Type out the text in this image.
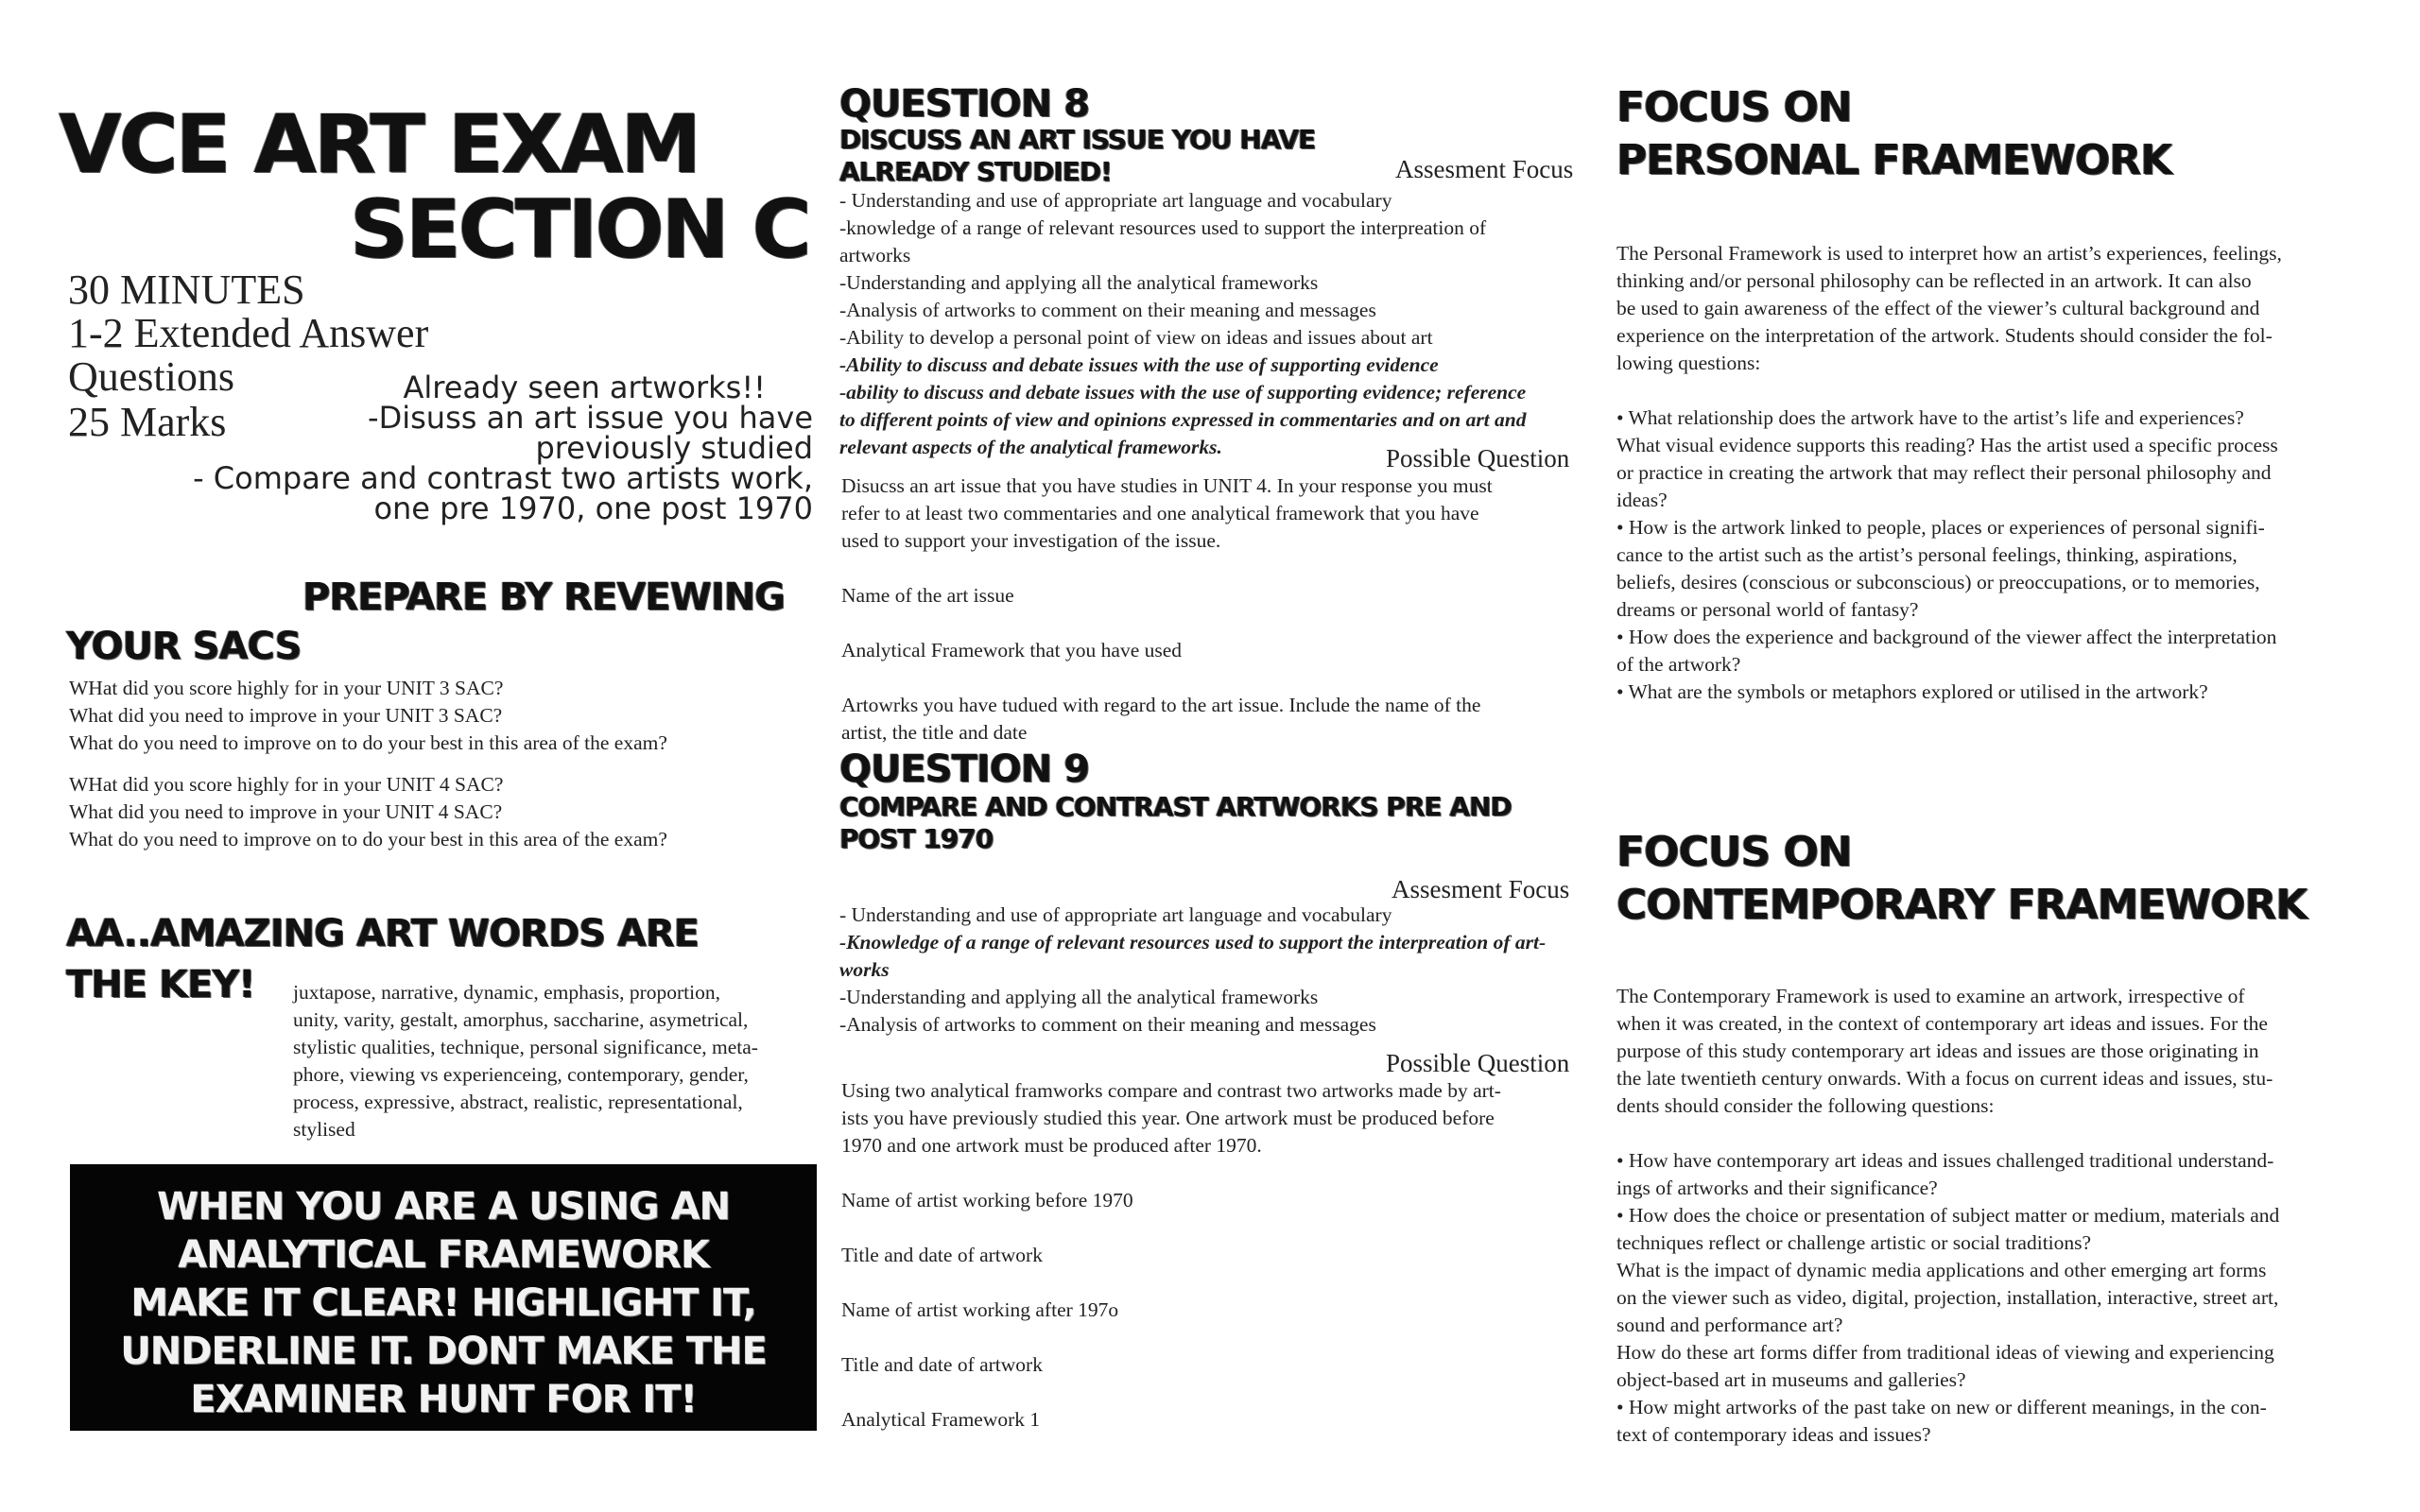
VCE ART EXAM
SECTION C
30 MINUTES
1-2 Extended Answer
Questions
25 Marks
Already seen artworks!!
-Disuss an art issue you have
previously studied
- Compare and contrast two artists work,
one pre 1970, one post 1970
PREPARE BY REVEWING
YOUR SACS
WHat did you score highly for in your UNIT 3 SAC?
What did you need to improve in your UNIT 3 SAC?
What do you need to improve on to do your best in this area of the exam?
WHat did you score highly for in your UNIT 4 SAC?
What did you need to improve in your UNIT 4 SAC?
What do you need to improve on to do your best in this area of the exam?
AA..AMAZING ART WORDS ARE
THE KEY! juxtapose, narrative, dynamic, emphasis, proportion,
unity, varity, gestalt, amorphus, saccharine, asymetrical,
stylistic qualities, technique, personal significance, meta-
phore, viewing vs experienceing, contemporary, gender,
process, expressive, abstract, realistic, representational,
stylised
WHEN YOU ARE A USING AN
ANALYTICAL FRAMEWORK
MAKE IT CLEAR! HIGHLIGHT IT,
UNDERLINE IT. DONT MAKE THE
EXAMINER HUNT FOR IT!
QUESTION 8
DISCUSS AN ART ISSUE YOU HAVE
ALREADY STUDIED!	Assesment Focus
- Understanding and use of appropriate art language and vocabulary
-knowledge of a range of relevant resources used to support the interpreation of
artworks
-Understanding and applying all the analytical frameworks
-Analysis of artworks to comment on their meaning and messages
-Ability to develop a personal point of view on ideas and issues about art
-Ability to discuss and debate issues with the use of supporting evidence
-ability to discuss and debate issues with the use of supporting evidence; reference
to different points of view and opinions expressed in commentaries and on art and
relevant aspects of the analytical frameworks.	Possible Question
Disucss an art issue that you have studies in UNIT 4. In your response you must
refer to at least two commentaries and one analytical framework that you have
used to support your investigation of the issue.
Name of the art issue
Analytical Framework that you have used
Artowrks you have tudued with regard to the art issue. Include the name of the
artist, the title and date
QUESTION 9
COMPARE AND CONTRAST ARTWORKS PRE AND
POST 1970
Assesment Focus
- Understanding and use of appropriate art language and vocabulary
-Knowledge of a range of relevant resources used to support the interpreation of art-
works
-Understanding and applying all the analytical frameworks
-Analysis of artworks to comment on their meaning and messages
Possible Question
Using two analytical framworks compare and contrast two artworks made by art-
ists you have previously studied this year. One artwork must be produced before
1970 and one artwork must be produced after 1970.
Name of artist working before 1970
Title and date of artwork
Name of artist working after 197o
Title and date of artwork
Analytical Framework 1
FOCUS ON
PERSONAL FRAMEWORK
The Personal Framework is used to interpret how an artist’s experiences, feelings,
thinking and/or personal philosophy can be reflected in an artwork. It can also
be used to gain awareness of the effect of the viewer’s cultural background and
experience on the interpretation of the artwork. Students should consider the fol-
lowing questions:
• What relationship does the artwork have to the artist’s life and experiences?
What visual evidence supports this reading? Has the artist used a specific process
or practice in creating the artwork that may reflect their personal philosophy and
ideas?
• How is the artwork linked to people, places or experiences of personal signifi-
cance to the artist such as the artist’s personal feelings, thinking, aspirations,
beliefs, desires (conscious or subconscious) or preoccupations, or to memories,
dreams or personal world of fantasy?
• How does the experience and background of the viewer affect the interpretation
of the artwork?
• What are the symbols or metaphors explored or utilised in the artwork?
FOCUS ON
CONTEMPORARY FRAMEWORK
The Contemporary Framework is used to examine an artwork, irrespective of
when it was created, in the context of contemporary art ideas and issues. For the
purpose of this study contemporary art ideas and issues are those originating in
the late twentieth century onwards. With a focus on current ideas and issues, stu-
dents should consider the following questions:
• How have contemporary art ideas and issues challenged traditional understand-
ings of artworks and their significance?
• How does the choice or presentation of subject matter or medium, materials and
techniques reflect or challenge artistic or social traditions?
What is the impact of dynamic media applications and other emerging art forms
on the viewer such as video, digital, projection, installation, interactive, street art,
sound and performance art?
How do these art forms differ from traditional ideas of viewing and experiencing
object-based art in museums and galleries?
• How might artworks of the past take on new or different meanings, in the con-
text of contemporary ideas and issues?
